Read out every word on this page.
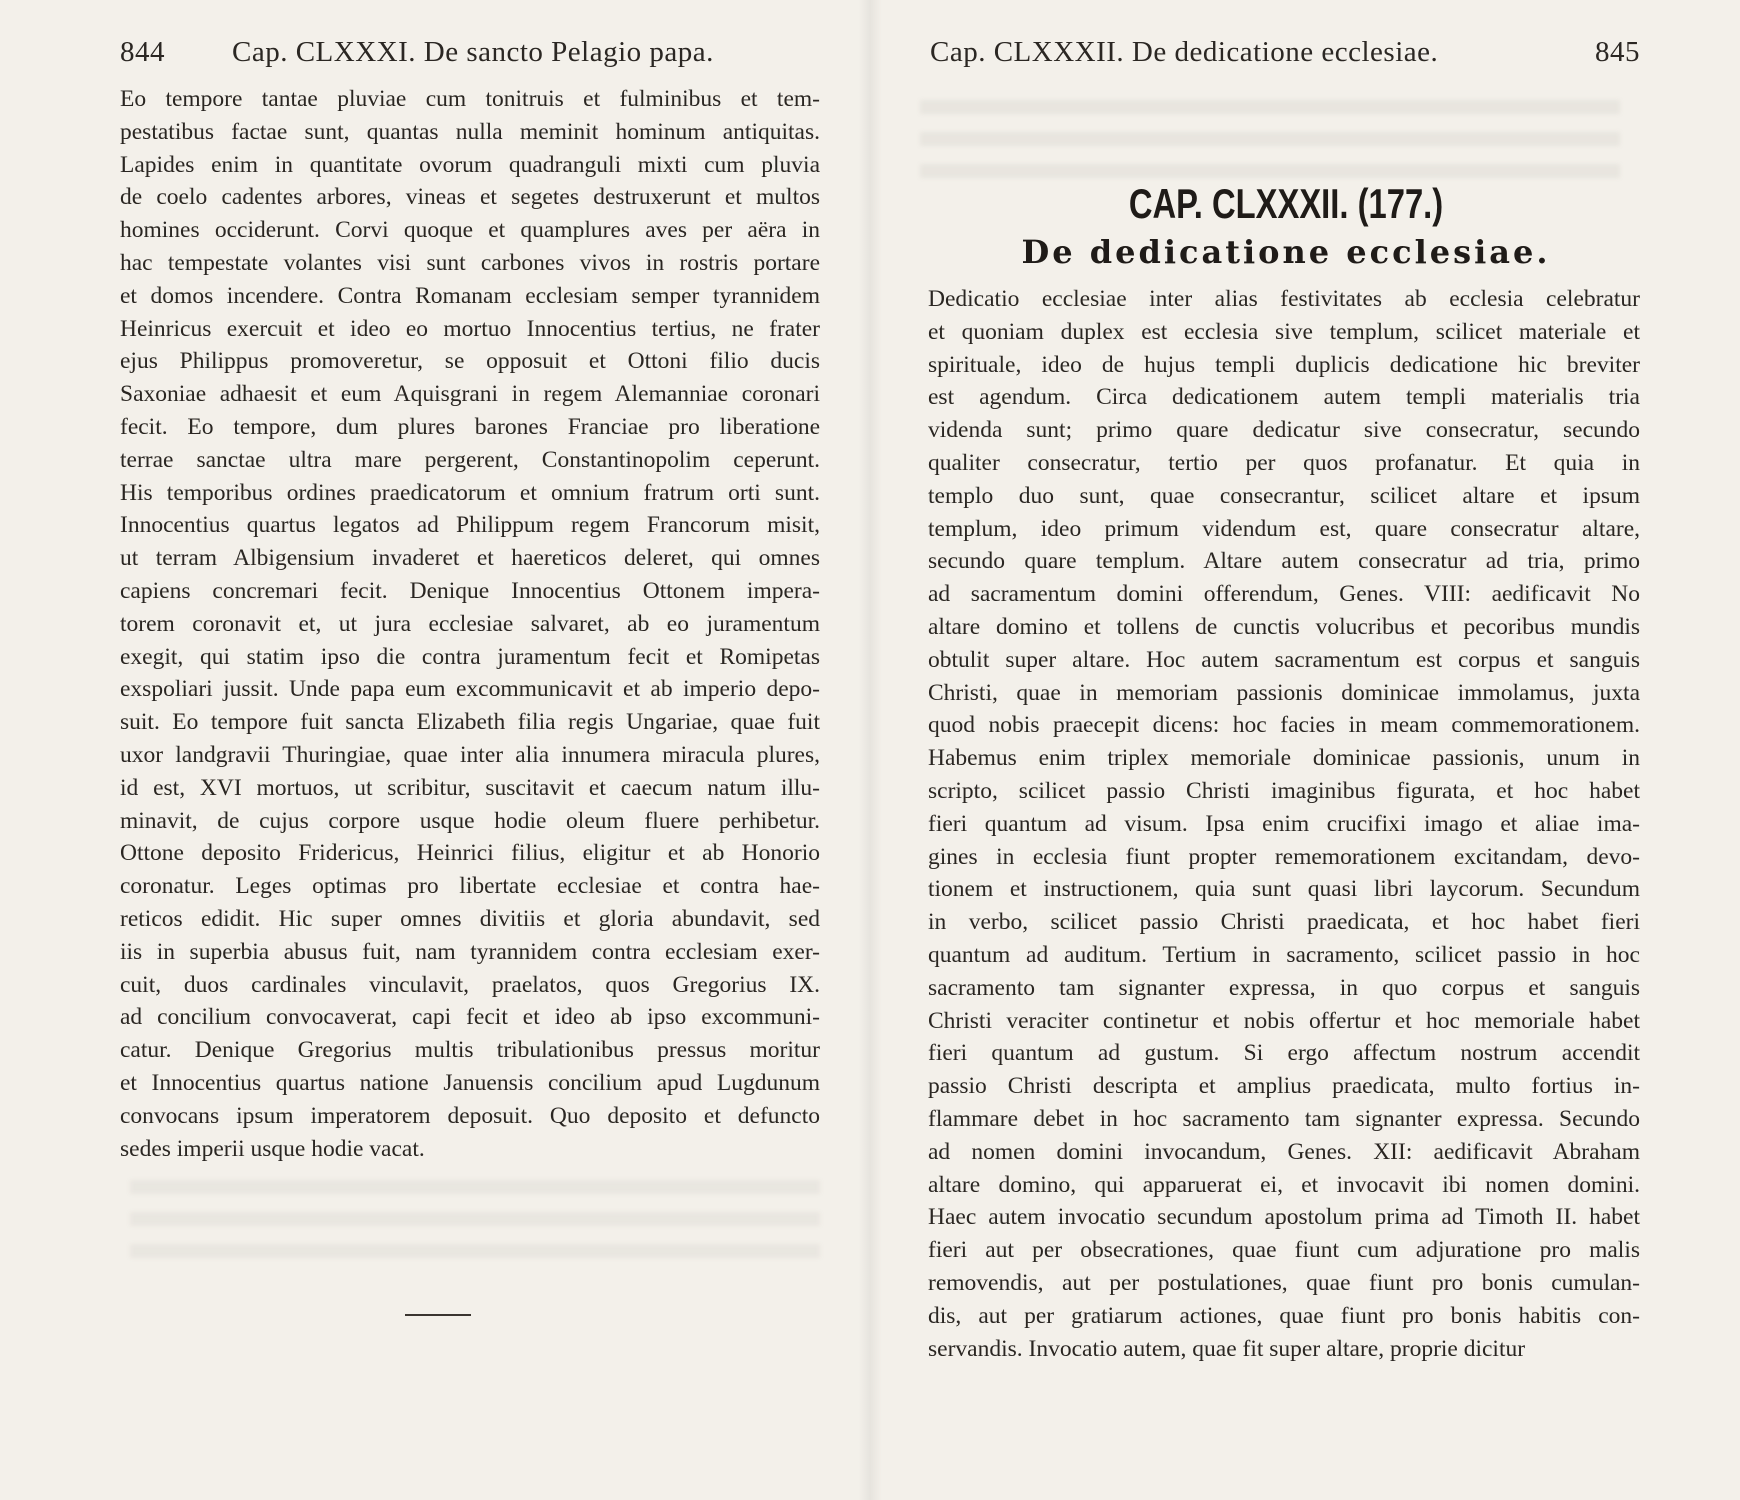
844 Cap. CLXXXI. De sancto Pelagio papa.
Eo tempore tantae pluviae cum tonitruis et fulminibus et tem-
pestatibus factae sunt, quantas nulla meminit hominum antiquitas.
Lapides enim in quantitate ovorum quadranguli mixti cum pluvia
de coelo cadentes arbores, vineas et segetes destruxerunt et multos
homines occiderunt. Corvi quoque et quamplures aves per aëra in
hac tempestate volantes visi sunt carbones vivos in rostris portare
et domos incendere. Contra Romanam ecclesiam semper tyrannidem
Heinricus exercuit et ideo eo mortuo Innocentius tertius, ne frater
ejus Philippus promoveretur, se opposuit et Ottoni filio ducis
Saxoniae adhaesit et eum Aquisgrani in regem Alemanniae coronari
fecit. Eo tempore, dum plures barones Franciae pro liberatione
terrae sanctae ultra mare pergerent, Constantinopolim ceperunt.
His temporibus ordines praedicatorum et omnium fratrum orti sunt.
Innocentius quartus legatos ad Philippum regem Francorum misit,
ut terram Albigensium invaderet et haereticos deleret, qui omnes
capiens concremari fecit. Denique Innocentius Ottonem impera-
torem coronavit et, ut jura ecclesiae salvaret, ab eo juramentum
exegit, qui statim ipso die contra juramentum fecit et Romipetas
exspoliari jussit. Unde papa eum excommunicavit et ab imperio depo-
suit. Eo tempore fuit sancta Elizabeth filia regis Ungariae, quae fuit
uxor landgravii Thuringiae, quae inter alia innumera miracula plures,
id est, XVI mortuos, ut scribitur, suscitavit et caecum natum illu-
minavit, de cujus corpore usque hodie oleum fluere perhibetur.
Ottone deposito Fridericus, Heinrici filius, eligitur et ab Honorio
coronatur. Leges optimas pro libertate ecclesiae et contra hae-
reticos edidit. Hic super omnes divitiis et gloria abundavit, sed
iis in superbia abusus fuit, nam tyrannidem contra ecclesiam exer-
cuit, duos cardinales vinculavit, praelatos, quos Gregorius IX.
ad concilium convocaverat, capi fecit et ideo ab ipso excommuni-
catur. Denique Gregorius multis tribulationibus pressus moritur
et Innocentius quartus natione Januensis concilium apud Lugdunum
convocans ipsum imperatorem deposuit. Quo deposito et defuncto
sedes imperii usque hodie vacat.
Cap. CLXXXII. De dedicatione ecclesiae.	845
CAP. CLXXXII. (177.)
De dedicatione ecclesiae.
Dedicatio ecclesiae inter alias festivitates ab ecclesia celebratur
et quoniam duplex est ecclesia sive templum, scilicet materiale et
spirituale, ideo de hujus templi duplicis dedicatione hic breviter
est agendum. Circa dedicationem autem templi materialis tria
videnda sunt; primo quare dedicatur sive consecratur, secundo
qualiter consecratur, tertio per quos profanatur. Et quia in
templo duo sunt, quae consecrantur, scilicet altare et ipsum
templum, ideo primum videndum est, quare consecratur altare,
secundo quare templum. Altare autem consecratur ad tria, primo
ad sacramentum domini offerendum, Genes. VIII: aedificavit No
altare domino et tollens de cunctis volucribus et pecoribus mundis
obtulit super altare. Hoc autem sacramentum est corpus et sanguis
Christi, quae in memoriam passionis dominicae immolamus, juxta
quod nobis praecepit dicens: hoc facies in meam commemorationem.
Habemus enim triplex memoriale dominicae passionis, unum in
scripto, scilicet passio Christi imaginibus figurata, et hoc habet
fieri quantum ad visum. Ipsa enim crucifixi imago et aliae ima-
gines in ecclesia fiunt propter rememorationem excitandam, devo-
tionem et instructionem, quia sunt quasi libri laycorum. Secundum
in verbo, scilicet passio Christi praedicata, et hoc habet fieri
quantum ad auditum. Tertium in sacramento, scilicet passio in hoc
sacramento tam signanter expressa, in quo corpus et sanguis
Christi veraciter continetur et nobis offertur et hoc memoriale habet
fieri quantum ad gustum. Si ergo affectum nostrum accendit
passio Christi descripta et amplius praedicata, multo fortius in-
flammare debet in hoc sacramento tam signanter expressa. Secundo
ad nomen domini invocandum, Genes. XII: aedificavit Abraham
altare domino, qui apparuerat ei, et invocavit ibi nomen domini.
Haec autem invocatio secundum apostolum prima ad Timoth II. habet
fieri aut per obsecrationes, quae fiunt cum adjuratione pro malis
removendis, aut per postulationes, quae fiunt pro bonis cumulan-
dis, aut per gratiarum actiones, quae fiunt pro bonis habitis con-
servandis. Invocatio autem, quae fit super altare, proprie dicitur
